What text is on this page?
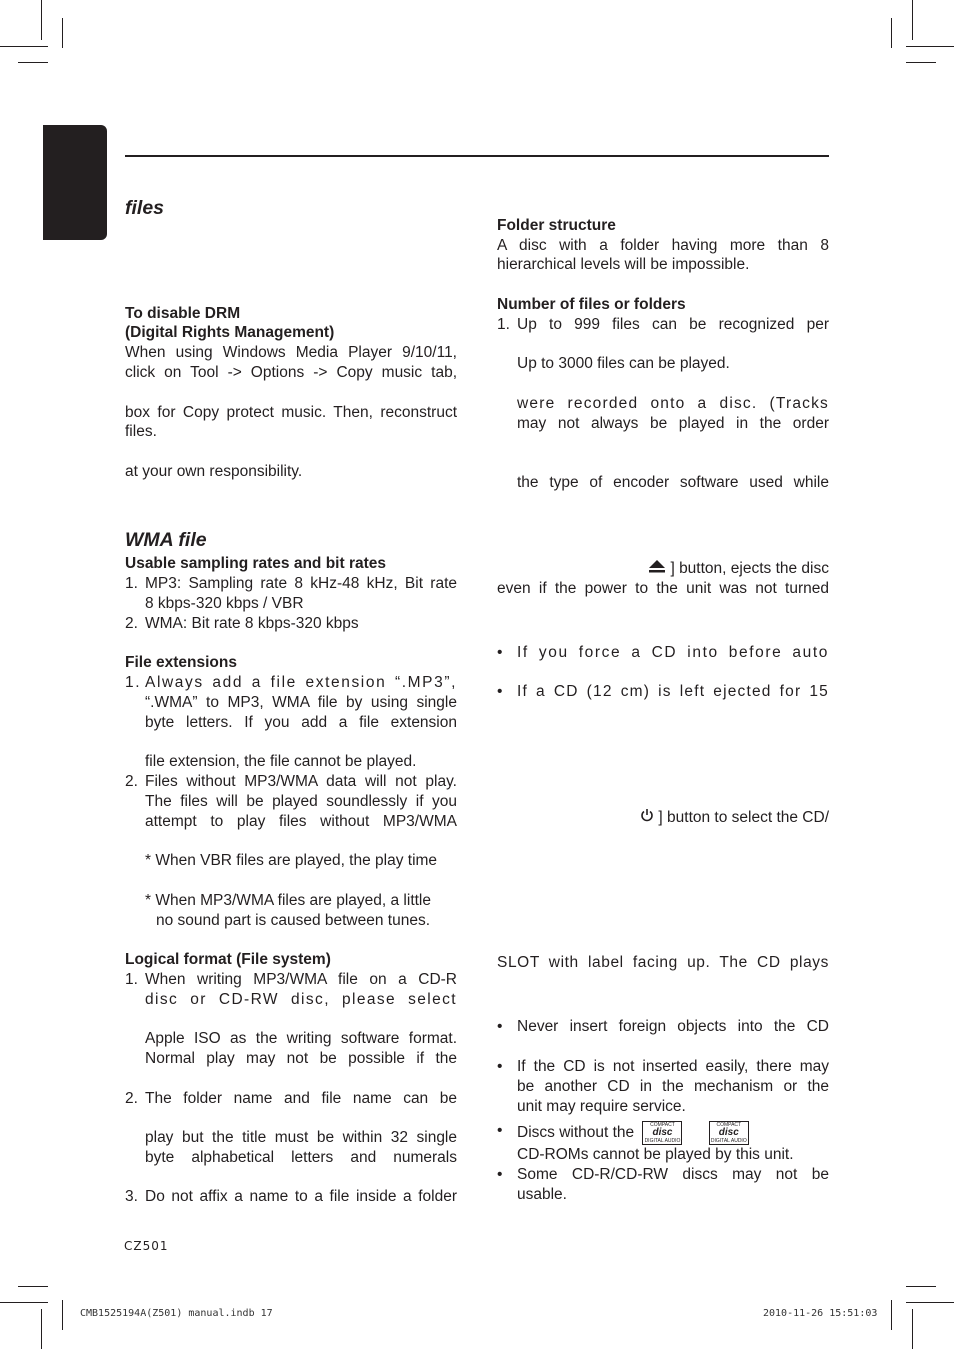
files
To disable DRM
(Digital Rights Management)
When using Windows Media Player 9/10/11,
click on Tool -> Options -> Copy music tab,
box for Copy protect music. Then, reconstruct
files.
at your own responsibility.
WMA file
Usable sampling rates and bit rates
1. MP3: Sampling rate 8 kHz-48 kHz, Bit rate
8 kbps-320 kbps / VBR
2. WMA: Bit rate 8 kbps-320 kbps
File extensions
1. Always add a file extension “.MP3”,
“.WMA” to MP3, WMA file by using single
byte letters. If you add a file extension
file extension, the file cannot be played.
2. Files without MP3/WMA data will not play.
The files will be played soundlessly if you
attempt to play files without MP3/WMA
* When VBR files are played, the play time
* When MP3/WMA files are played, a little
no sound part is caused between tunes.
Logical format (File system)
1. When writing MP3/WMA file on a CD-R
disc or CD-RW disc, please select
Apple ISO as the writing software format.
Normal play may not be possible if the
2. The folder name and file name can be
play but the title must be within 32 single
byte alphabetical letters and numerals
3. Do not affix a name to a file inside a folder
Folder structure
A disc with a folder having more than 8
hierarchical levels will be impossible.
Number of files or folders
1. Up to 999 files can be recognized per
Up to 3000 files can be played.
were recorded onto a disc. (Tracks
may not always be played in the order
the type of encoder software used while
] button, ejects the disc
even if the power to the unit was not turned
• If you force a CD into before auto
• If a CD (12 cm) is left ejected for 15
] button to select the CD/
SLOT with label facing up. The CD plays
• Never insert foreign objects into the CD
• If the CD is not inserted easily, there may
be another CD in the mechanism or the
unit may require service.
• Discs without the	COMPACT
disc
DIGITAL AUDIO

COMPACT
disc
DIGITAL AUDIO
CD-ROMs cannot be played by this unit.
• Some CD-R/CD-RW discs may not be
usable.
CZ501
CMB1525194A(Z501) manual.indb 17	2010-11-26 15:51:03
